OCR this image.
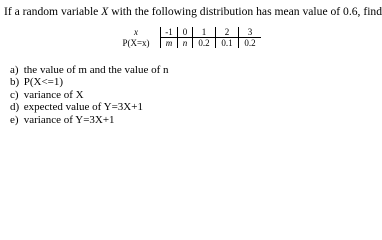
If a random variable X with the following distribution has mean value of 0.6, find
x	-1	0	1	2	3
P(X=x)	m	n	0.2	0.1	0.2
a) the value of m and the value of n
b) P(X<=1)
c) variance of X
d) expected value of Y=3X+1
e) variance of Y=3X+1
